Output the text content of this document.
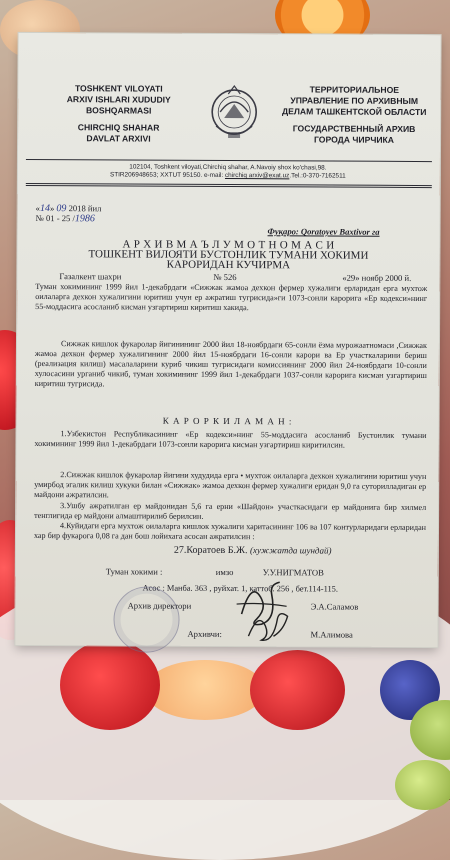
TOSHKENT VILOYATI
ARXIV ISHLARI XUDUDIY
BOSHQARMASI
CHIRCHIQ SHAHAR
DAVLAT ARXIVI
ТЕРРИТОРИАЛЬНОЕ
УПРАВЛЕНИЕ ПО АРХИВНЫМ
ДЕЛАМ ТАШКЕНТСКОЙ ОБЛАСТИ
ГОСУДАРСТВЕННЫЙ АРХИВ
ГОРОДА ЧИРЧИКА
102104, Toshkent viloyati,Chirchiq shahar, A.Navoiy shox ko'chasi,98.
STIR206948653; XXTUT 95150. e-mail: chirchiq arxiv@exat.uz.Tel.:0-370-7162511
«14» 09 2018 йил
№ 01 - 25 /1986
Фуқаро: Qoratoyev Baxtivor га
А Р Х И В М А Ъ Л У М О Т Н О М А С И
ТОШКЕНТ ВИЛОЯТИ БУСТОНЛИК ТУМАНИ ХОКИМИ
КАРОРИДАН КУЧИРМА
Газалкент шахри	№ 526	«29» ноябр 2000 й.
Туман хокимининг 1999 йил 1-декабрдаги «Сижжак жамоа дехкон фермер хужалиги ерларидан ерга мухтож оилаларга дехкон хужалигини юритиш учун ер ажратиш тугрисида»ги 1073-сонли карорига «Ер кодекси»нинг 55-моддасига асосланиб кисман узгартириш киритиш хакида.
Сижжак кишлок фукаролар йигинининг 2000 йил 18-ноябрдаги 65-сонли ёзма мурожаатномаси ,Сижжак жамоа дехкон фермер хужалигининг 2000 йил 15-ноябрдаги 16-сонли карори ва Ер участкаларини бериш (реализация килиш) масалаларини куриб чикиш тугрисидаги комиссиянинг 2000 йил 24-ноябрдаги 10-сонли хулосасини урганиб чикиб, туман хокимининг 1999 йил 1-декабрдаги 1037-сонли карорига кисман узгартириш киритиш тугрисида.
К А Р О Р К И Л А М А Н :
1.Узбекистон Республикасининг «Ер кодекси»нинг 55-моддасига асосланиб Бустонлик тумани хокимининг 1999 йил 1-декабрдаги 1073-сонли карорига кисман узгартириш киритилсин.
2.Сижжак кишлок фукаролар йигини худудида ерга • мухтож оилаларга дехкон хужалигини юритиш учун умирбод эгалик килиш хукуки билан «Сижжак» жамоа дехкон фермер хужалиги еридан 9,0 га суторилладиган ер майдони ажратилсин.
3.Ушбу ажратилган ер майдонидан 5,6 га ерни «Шайдон» участкасидаги ер майдонига бир хилмел тенглигида ер майдони алмаштирилиб берилсин.
4.Куйидаги ерга мухтож оилаларга кишлок хужалиги харитасининг 106 ва 107 контурларидаги ерларидан хар бир фукарога 0,08 га дан бош лойихага асосан ажратилсин :
27.Коратоев Б.Ж. (хужжатда шундай)
Туман хокими :	имзо	У.У.НИГМАТОВ
Асос : Манба. 363 , руйхат. 1, каттоб. 256 , бет.114-115.
Архив директори	Э.А.Саламов
Архивчи:	М.Алимова
